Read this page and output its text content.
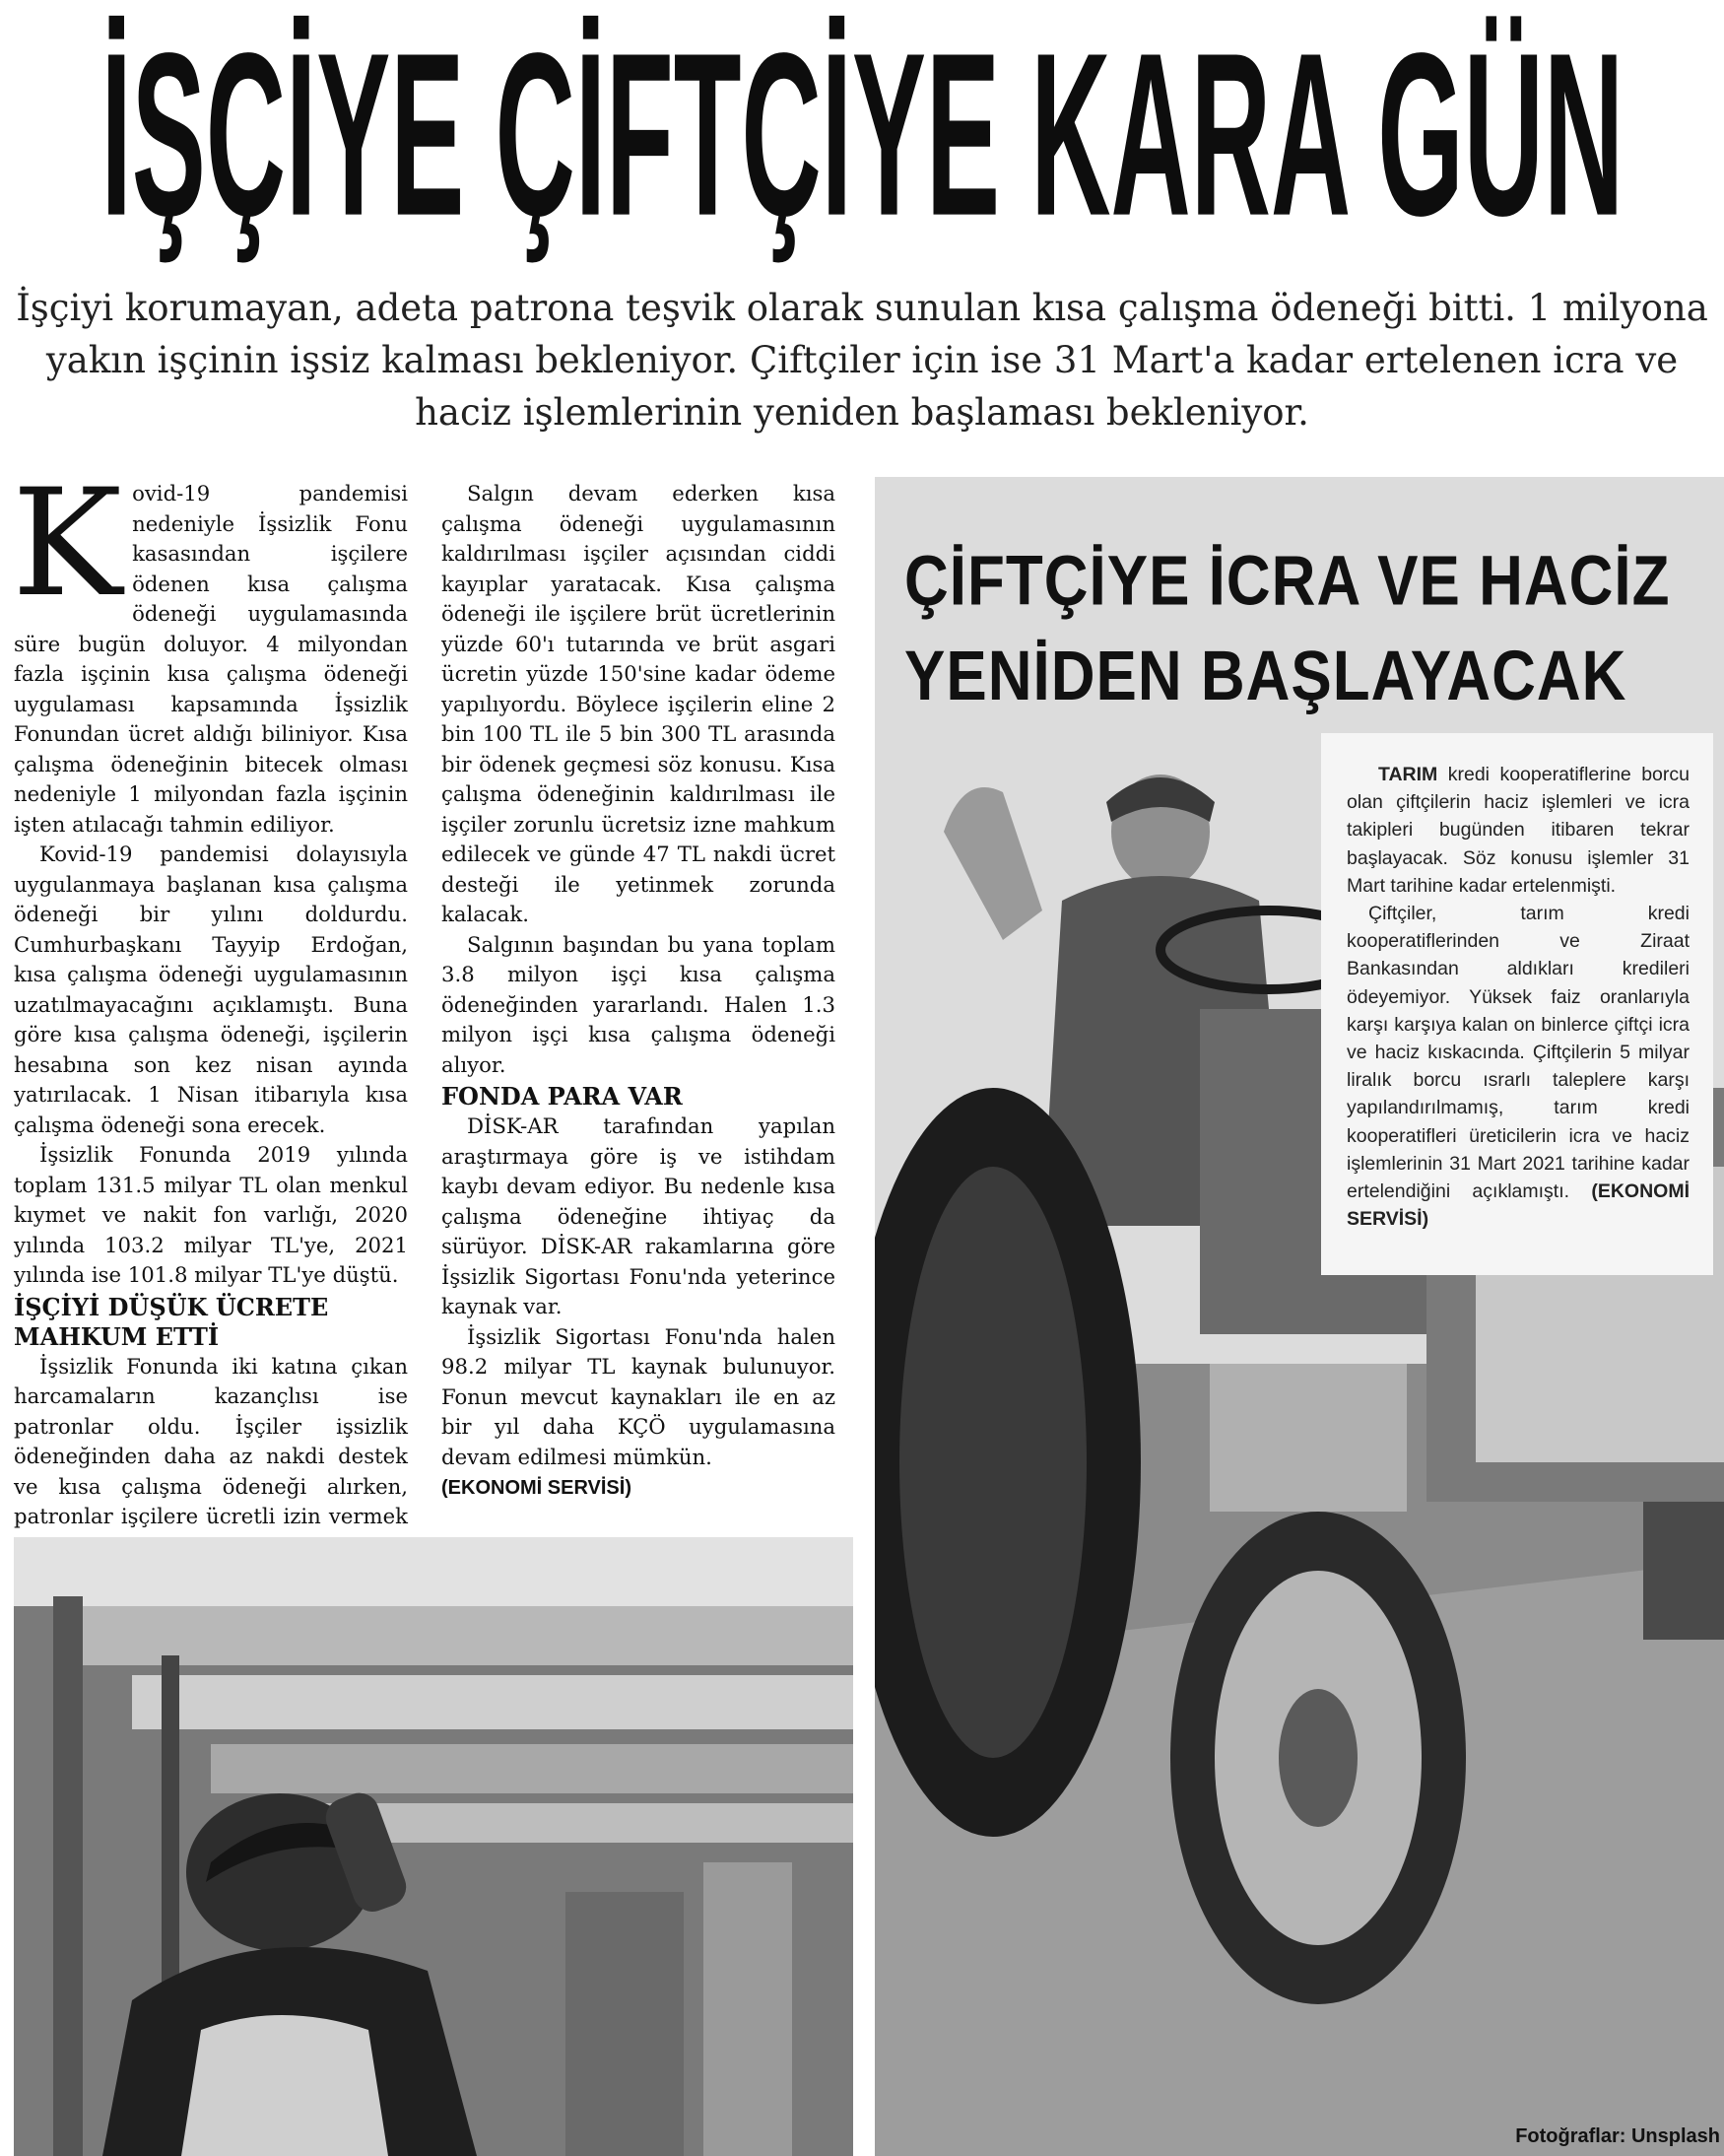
İŞÇİYE ÇİFTÇİYE KARA GÜN
İşçiyi korumayan, adeta patrona teşvik olarak sunulan kısa çalışma ödeneği bitti. 1 milyona yakın işçinin işsiz kalması bekleniyor. Çiftçiler için ise 31 Mart'a kadar ertelenen icra ve haciz işlemlerinin yeniden başlaması bekleniyor.
K ovid-19 pandemisi nedeniyle İşsizlik Fonu kasasından işçilere ödenen kısa çalışma ödeneği uygulamasında süre bugün doluyor. 4 milyondan fazla işçinin kısa çalışma ödeneği uygulaması kapsamında İşsizlik Fonundan ücret aldığı biliniyor. Kısa çalışma ödeneğinin bitecek olması nedeniyle 1 milyondan fazla işçinin işten atılacağı tahmin ediliyor.

Kovid-19 pandemisi dolayısıyla uygulanmaya başlanan kısa çalışma ödeneği bir yılını doldurdu. Cumhurbaşkanı Tayyip Erdoğan, kısa çalışma ödeneği uygulamasının uzatılmayacağını açıklamıştı. Buna göre kısa çalışma ödeneği, işçilerin hesabına son kez nisan ayında yatırılacak. 1 Nisan itibarıyla kısa çalışma ödeneği sona erecek.

İşsizlik Fonunda 2019 yılında toplam 131.5 milyar TL olan menkul kıymet ve nakit fon varlığı, 2020 yılında 103.2 milyar TL'ye, 2021 yılında ise 101.8 milyar TL'ye düştü.

İŞÇİYİ DÜŞÜK ÜCRETE MAHKUM ETTİ

İşsizlik Fonunda iki katına çıkan harcamaların kazançlısı ise patronlar oldu. İşçiler işsizlik ödeneğinden daha az nakdi destek ve kısa çalışma ödeneği alırken, patronlar işçilere ücretli izin vermek

Salgın devam ederken kısa çalışma ödeneği uygulamasının kaldırılması işçiler açısından ciddi kayıplar yaratacak. Kısa çalışma ödeneği ile işçilere brüt ücretlerinin yüzde 60'ı tutarında ve brüt asgari ücretin yüzde 150'sine kadar ödeme yapılıyordu. Böylece işçilerin eline 2 bin 100 TL ile 5 bin 300 TL arasında bir ödenek geçmesi söz konusu. Kısa çalışma ödeneğinin kaldırılması ile işçiler zorunlu ücretsiz izne mahkum edilecek ve günde 47 TL nakdi ücret desteği ile yetinmek zorunda kalacak.

Salgının başından bu yana toplam 3.8 milyon işçi kısa çalışma ödeneğinden yararlandı. Halen 1.3 milyon işçi kısa çalışma ödeneği alıyor.

FONDA PARA VAR

DİSK-AR tarafından yapılan araştırmaya göre iş ve istihdam kaybı devam ediyor. Bu nedenle kısa çalışma ödeneğine ihtiyaç da sürüyor. DİSK-AR rakamlarına göre İşsizlik Sigortası Fonu'nda yeterince kaynak var.

İşsizlik Sigortası Fonu'nda halen 98.2 milyar TL kaynak bulunuyor. Fonun mevcut kaynakları ile en az bir yıl daha KÇÖ uygulamasına devam edilmesi mümkün.

(EKONOMİ SERVİSİ)

ÇİFTÇİYE İCRA VE HACİZ YENİDEN BAŞLAYACAK

TARIM kredi kooperatiflerine borcu olan çiftçilerin haciz işlemleri ve icra takipleri bugünden itibaren tekrar başlayacak. Söz konusu işlemler 31 Mart tarihine kadar ertelenmişti.

Çiftçiler, tarım kredi kooperatiflerinden ve Ziraat Bankasından aldıkları kredileri ödeyemiyor. Yüksek faiz oranlarıyla karşı karşıya kalan on binlerce çiftçi icra ve haciz kıskacında. Çiftçilerin 5 milyar liralık borcu ısrarlı taleplere karşı yapılandırılmamış, tarım kredi kooperatifleri üreticilerin icra ve haciz işlemlerinin 31 Mart 2021 tarihine kadar ertelendiğini açıklamıştı. (EKONOMİ SERVİSİ)

Fotoğraflar: Unsplash
